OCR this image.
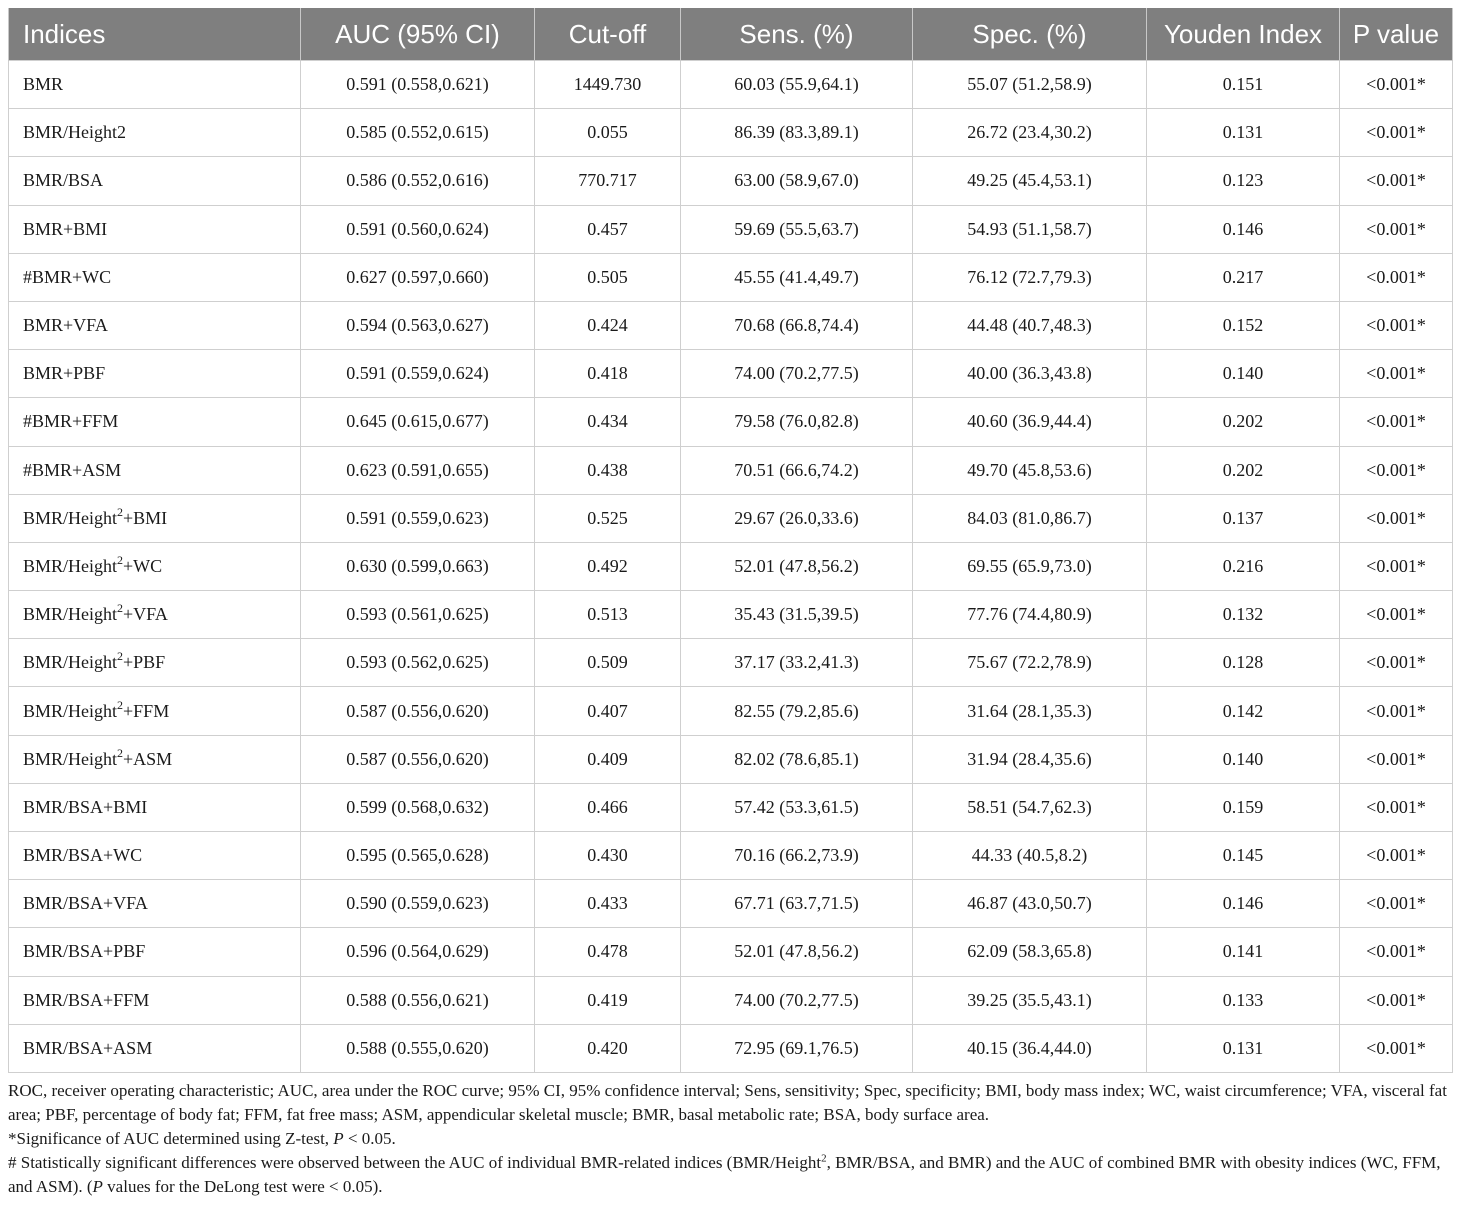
Indices	AUC (95% CI)	Cut-off	Sens. (%)	Spec. (%)	Youden Index	P value
BMR	0.591 (0.558,0.621)	1449.730	60.03 (55.9,64.1)	55.07 (51.2,58.9)	0.151	<0.001*
BMR/Height2	0.585 (0.552,0.615)	0.055	86.39 (83.3,89.1)	26.72 (23.4,30.2)	0.131	<0.001*
BMR/BSA	0.586 (0.552,0.616)	770.717	63.00 (58.9,67.0)	49.25 (45.4,53.1)	0.123	<0.001*
BMR+BMI	0.591 (0.560,0.624)	0.457	59.69 (55.5,63.7)	54.93 (51.1,58.7)	0.146	<0.001*
#BMR+WC	0.627 (0.597,0.660)	0.505	45.55 (41.4,49.7)	76.12 (72.7,79.3)	0.217	<0.001*
BMR+VFA	0.594 (0.563,0.627)	0.424	70.68 (66.8,74.4)	44.48 (40.7,48.3)	0.152	<0.001*
BMR+PBF	0.591 (0.559,0.624)	0.418	74.00 (70.2,77.5)	40.00 (36.3,43.8)	0.140	<0.001*
#BMR+FFM	0.645 (0.615,0.677)	0.434	79.58 (76.0,82.8)	40.60 (36.9,44.4)	0.202	<0.001*
#BMR+ASM	0.623 (0.591,0.655)	0.438	70.51 (66.6,74.2)	49.70 (45.8,53.6)	0.202	<0.001*
BMR/Height$^2$+BMI	0.591 (0.559,0.623)	0.525	29.67 (26.0,33.6)	84.03 (81.0,86.7)	0.137	<0.001*
BMR/Height$^2$+WC	0.630 (0.599,0.663)	0.492	52.01 (47.8,56.2)	69.55 (65.9,73.0)	0.216	<0.001*
BMR/Height$^2$+VFA	0.593 (0.561,0.625)	0.513	35.43 (31.5,39.5)	77.76 (74.4,80.9)	0.132	<0.001*
BMR/Height$^2$+PBF	0.593 (0.562,0.625)	0.509	37.17 (33.2,41.3)	75.67 (72.2,78.9)	0.128	<0.001*
BMR/Height$^2$+FFM	0.587 (0.556,0.620)	0.407	82.55 (79.2,85.6)	31.64 (28.1,35.3)	0.142	<0.001*
BMR/Height$^2$+ASM	0.587 (0.556,0.620)	0.409	82.02 (78.6,85.1)	31.94 (28.4,35.6)	0.140	<0.001*
BMR/BSA+BMI	0.599 (0.568,0.632)	0.466	57.42 (53.3,61.5)	58.51 (54.7,62.3)	0.159	<0.001*
BMR/BSA+WC	0.595 (0.565,0.628)	0.430	70.16 (66.2,73.9)	44.33 (40.5,8.2)	0.145	<0.001*
BMR/BSA+VFA	0.590 (0.559,0.623)	0.433	67.71 (63.7,71.5)	46.87 (43.0,50.7)	0.146	<0.001*
BMR/BSA+PBF	0.596 (0.564,0.629)	0.478	52.01 (47.8,56.2)	62.09 (58.3,65.8)	0.141	<0.001*
BMR/BSA+FFM	0.588 (0.556,0.621)	0.419	74.00 (70.2,77.5)	39.25 (35.5,43.1)	0.133	<0.001*
BMR/BSA+ASM	0.588 (0.555,0.620)	0.420	72.95 (69.1,76.5)	40.15 (36.4,44.0)	0.131	<0.001*

ROC, receiver operating characteristic; AUC, area under the ROC curve; 95% CI, 95% confidence interval; Sens, sensitivity; Spec, specificity; BMI, body mass index; WC, waist circumference; VFA, visceral fat area; PBF, percentage of body fat; FFM, fat free mass; ASM, appendicular skeletal muscle; BMR, basal metabolic rate; BSA, body surface area.

*Significance of AUC determined using Z-test, P < 0.05.

# Statistically significant differences were observed between the AUC of individual BMR-related indices (BMR/Height$^2$, BMR/BSA, and BMR) and the AUC of combined BMR with obesity indices (WC, FFM, and ASM). (P values for the DeLong test were < 0.05).
